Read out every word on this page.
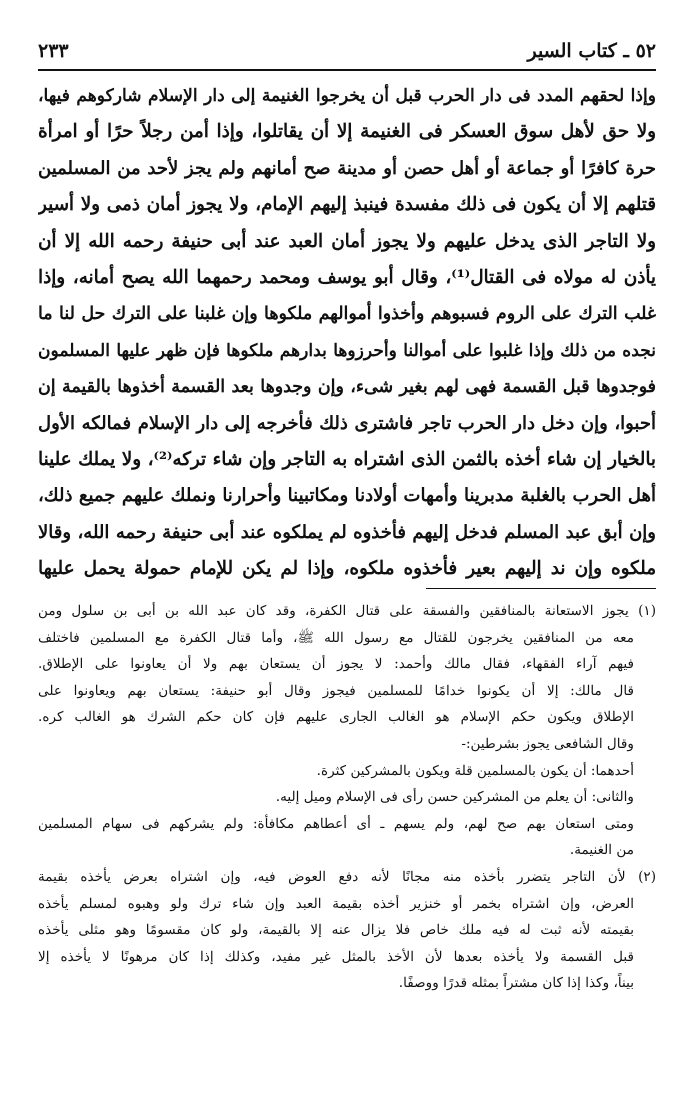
٥٢ ـ كتاب السير
٢٣٣
وإذا لحقهم المدد فى دار الحرب قبل أن يخرجوا الغنيمة إلى دار الإسلام شاركوهم فيها،
ولا حق لأهل سوق العسكر فى الغنيمة إلا أن يقاتلوا، وإذا أمن رجلاً حرًا أو امرأة
حرة كافرًا أو جماعة أو أهل حصن أو مدينة صح أمانهم ولم يجز لأحد من المسلمين
قتلهم إلا أن يكون فى ذلك مفسدة فينبذ إليهم الإمام، ولا يجوز أمان ذمى ولا أسير
ولا التاجر الذى يدخل عليهم ولا يجوز أمان العبد عند أبى حنيفة رحمه الله إلا أن
يأذن له مولاه فى القتال⁽¹⁾، وقال أبو يوسف ومحمد رحمهما الله يصح أمانه، وإذا
غلب الترك على الروم فسبوهم وأخذوا أموالهم ملكوها وإن غلبنا على الترك حل لنا ما
نجده من ذلك وإذا غلبوا على أموالنا وأحرزوها بدارهم ملكوها فإن ظهر عليها المسلمون
فوجدوها قبل القسمة فهى لهم بغير شىء، وإن وجدوها بعد القسمة أخذوها بالقيمة إن
أحبوا، وإن دخل دار الحرب تاجر فاشترى ذلك فأخرجه إلى دار الإسلام فمالكه الأول
بالخيار إن شاء أخذه بالثمن الذى اشتراه به التاجر وإن شاء تركه⁽²⁾، ولا يملك علينا
أهل الحرب بالغلبة مدبرينا وأمهات أولادنا ومكاتبينا وأحرارنا ونملك عليهم جميع ذلك،
وإن أبق عبد المسلم فدخل إليهم فأخذوه لم يملكوه عند أبى حنيفة رحمه الله، وقالا
ملكوه وإن ند إليهم بعير فأخذوه ملكوه، وإذا لم يكن للإمام حمولة يحمل عليها
(١) يجوز الاستعانة بالمنافقين والفسقة على قتال الكفرة، وقد كان عبد الله بن أبى بن سلول ومن
معه من المنافقين يخرجون للقتال مع رسول الله ﷺ، وأما قتال الكفرة مع المسلمين فاختلف
فيهم آراء الفقهاء، فقال مالك وأحمد: لا يجوز أن يستعان بهم ولا أن يعاونوا على الإطلاق.
قال مالك: إلا أن يكونوا خدامًا للمسلمين فيجوز وقال أبو حنيفة: يستعان بهم ويعاونوا على
الإطلاق ويكون حكم الإسلام هو الغالب الجارى عليهم فإن كان حكم الشرك هو الغالب كره.
وقال الشافعى يجوز بشرطين:-
أحدهما: أن يكون بالمسلمين قلة ويكون بالمشركين كثرة.
والثانى: أن يعلم من المشركين حسن رأى فى الإسلام وميل إليه.
ومتى استعان بهم صح لهم، ولم يسهم ـ أى أعطاهم مكافأة: ولم يشركهم فى سهام المسلمين
من الغنيمة.
(٢) لأن التاجر يتضرر بأخذه منه مجانًا لأنه دفع العوض فيه، وإن اشتراه بعرض يأخذه بقيمة
العرض، وإن اشتراه بخمر أو خنزير أخذه بقيمة العبد وإن شاء ترك ولو وهبوه لمسلم يأخذه
بقيمته لأنه ثبت له فيه ملك خاص فلا يزال عنه إلا بالقيمة، ولو كان مقسومًا وهو مثلى يأخذه
قبل القسمة ولا يأخذه بعدها لأن الأخذ بالمثل غير مفيد، وكذلك إذا كان مرهونًا لا يأخذه إلا
بيناً، وكذا إذا كان مشتراً بمثله قدرًا ووصفًا.
